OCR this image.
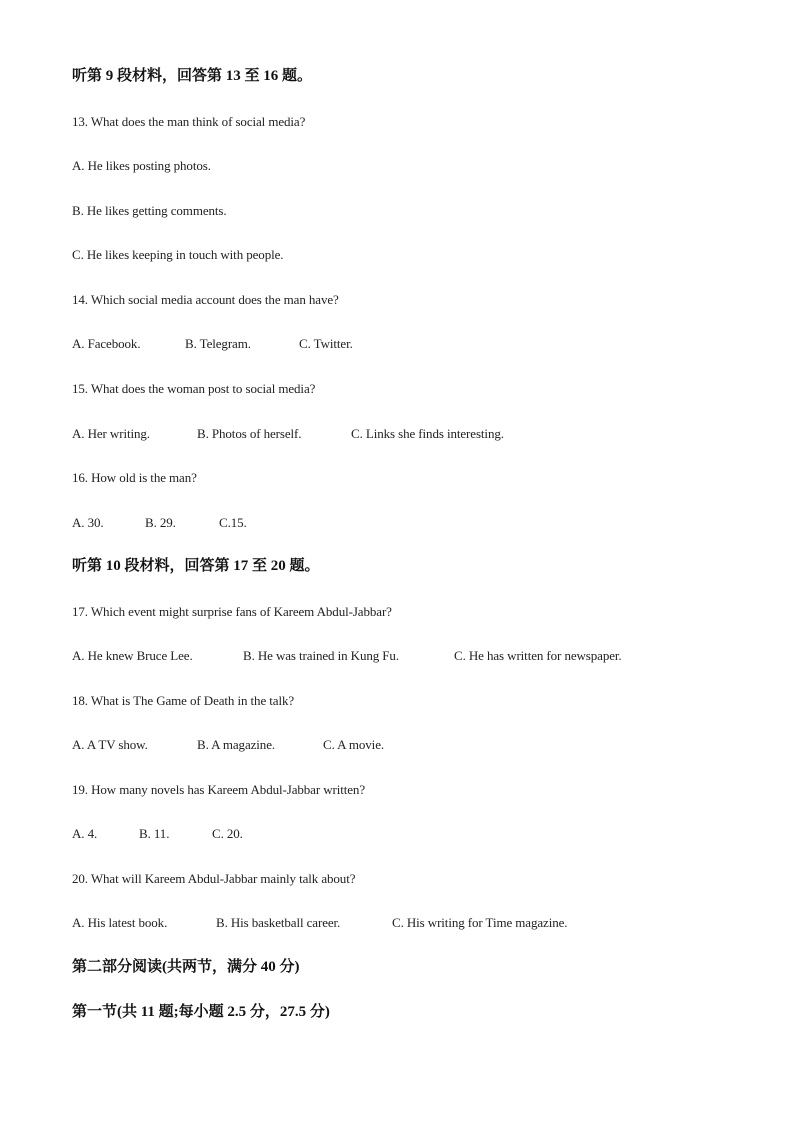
听第 9 段材料，回答第 13 至 16 题。
13. What does the man think of social media?
A. He likes posting photos.
B. He likes getting comments.
C. He likes keeping in touch with people.
14. Which social media account does the man have?
A. Facebook.	B. Telegram.	C. Twitter.
15. What does the woman post to social media?
A. Her writing.	B. Photos of herself.	C. Links she finds interesting.
16. How old is the man?
A. 30.	B. 29.	C.15.
听第 10 段材料，回答第 17 至 20 题。
17. Which event might surprise fans of Kareem Abdul-Jabbar?
A. He knew Bruce Lee.	B. He was trained in Kung Fu.	C. He has written for newspaper.
18. What is The Game of Death in the talk?
A. A TV show.	B. A magazine.	C. A movie.
19. How many novels has Kareem Abdul-Jabbar written?
A. 4.	B. 11.	C. 20.
20. What will Kareem Abdul-Jabbar mainly talk about?
A. His latest book.	B. His basketball career.	C. His writing for Time magazine.
第二部分阅读(共两节，满分 40 分)
第一节(共 11 题;每小题 2.5 分，27.5 分)
